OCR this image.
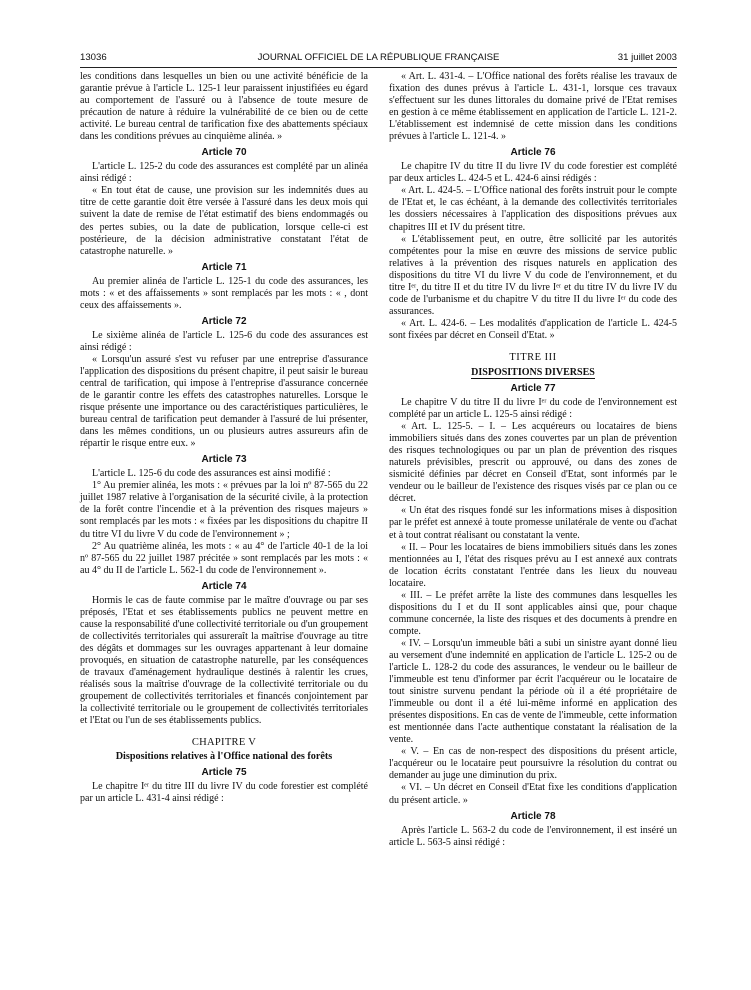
13036	JOURNAL OFFICIEL DE LA RÉPUBLIQUE FRANÇAISE	31 juillet 2003

les conditions dans lesquelles un bien ou une activité bénéficie de la garantie prévue à l'article L. 125-1 leur paraissent injustifiées eu égard au comportement de l'assuré ou à l'absence de toute mesure de précaution de nature à réduire la vulnérabilité de ce bien ou de cette activité. Le bureau central de tarification fixe des abattements spéciaux dans les conditions prévues au cinquième alinéa. »

Article 70

L'article L. 125-2 du code des assurances est complété par un alinéa ainsi rédigé :

« En tout état de cause, une provision sur les indemnités dues au titre de cette garantie doit être versée à l'assuré dans les deux mois qui suivent la date de remise de l'état estimatif des biens endommagés ou des pertes subies, ou la date de publication, lorsque celle-ci est postérieure, de la décision administrative constatant l'état de catastrophe naturelle. »

Article 71

Au premier alinéa de l'article L. 125-1 du code des assurances, les mots : « et des affaissements » sont remplacés par les mots : « , dont ceux des affaissements ».

Article 72

Le sixième alinéa de l'article L. 125-6 du code des assurances est ainsi rédigé :

« Lorsqu'un assuré s'est vu refuser par une entreprise d'assurance l'application des dispositions du présent chapitre, il peut saisir le bureau central de tarification, qui impose à l'entreprise d'assurance concernée de le garantir contre les effets des catastrophes naturelles. Lorsque le risque présente une importance ou des caractéristiques particulières, le bureau central de tarification peut demander à l'assuré de lui présenter, dans les mêmes conditions, un ou plusieurs autres assureurs afin de répartir le risque entre eux. »

Article 73

L'article L. 125-6 du code des assurances est ainsi modifié :

1° Au premier alinéa, les mots : « prévues par la loi nº 87-565 du 22 juillet 1987 relative à l'organisation de la sécurité civile, à la protection de la forêt contre l'incendie et à la prévention des risques majeurs » sont remplacés par les mots : « fixées par les dispositions du chapitre II du titre VI du livre V du code de l'environnement » ;

2° Au quatrième alinéa, les mots : « au 4° de l'article 40-1 de la loi nº 87-565 du 22 juillet 1987 précitée » sont remplacés par les mots : « au 4° du II de l'article L. 562-1 du code de l'environnement ».

Article 74

Hormis le cas de faute commise par le maître d'ouvrage ou par ses préposés, l'Etat et ses établissements publics ne peuvent mettre en cause la responsabilité d'une collectivité territoriale ou d'un groupement de collectivités territoriales qui assureraît la maîtrise d'ouvrage au titre des dégâts et dommages sur les ouvrages appartenant à leur domaine provoqués, en situation de catastrophe naturelle, par les conséquences de travaux d'aménagement hydraulique destinés à ralentir les crues, réalisés sous la maîtrise d'ouvrage de la collectivité territoriale ou du groupement de collectivités territoriales et financés conjointement par la collectivité territoriale ou le groupement de collectivités territoriales et l'Etat ou l'un de ses établissements publics.

CHAPITRE V
Dispositions relatives à l'Office national des forêts
Article 75

Le chapitre Iᵉʳ du titre III du livre IV du code forestier est complété par un article L. 431-4 ainsi rédigé :

« Art. L. 431-4. – L'Office national des forêts réalise les travaux de fixation des dunes prévus à l'article L. 431-1, lorsque ces travaux s'effectuent sur les dunes littorales du domaine privé de l'Etat remises en gestion à ce même établissement en application de l'article L. 121-2. L'établissement est indemnisé de cette mission dans les conditions prévues à l'article L. 121-4. »

Article 76

Le chapitre IV du titre II du livre IV du code forestier est complété par deux articles L. 424-5 et L. 424-6 ainsi rédigés :

« Art. L. 424-5. – L'Office national des forêts instruit pour le compte de l'Etat et, le cas échéant, à la demande des collectivités territoriales les dossiers nécessaires à l'application des dispositions prévues aux chapitres III et IV du présent titre.

« L'établissement peut, en outre, être sollicité par les autorités compétentes pour la mise en œuvre des missions de service public relatives à la prévention des risques naturels en application des dispositions du titre VI du livre V du code de l'environnement, et du titre Iᵉʳ, du titre II et du titre IV du livre Iᵉʳ et du titre IV du livre IV du code de l'urbanisme et du chapitre V du titre II du livre Iᵉʳ du code des assurances.

« Art. L. 424-6. – Les modalités d'application de l'article L. 424-5 sont fixées par décret en Conseil d'Etat. »

TITRE III
DISPOSITIONS DIVERSES
Article 77

Le chapitre V du titre II du livre Iᵉʳ du code de l'environnement est complété par un article L. 125-5 ainsi rédigé :

« Art. L. 125-5. – I. – Les acquéreurs ou locataires de biens immobiliers situés dans des zones couvertes par un plan de prévention des risques technologiques ou par un plan de prévention des risques naturels prévisibles, prescrit ou approuvé, ou dans des zones de sismicité définies par décret en Conseil d'Etat, sont informés par le vendeur ou le bailleur de l'existence des risques visés par ce plan ou ce décret.

« Un état des risques fondé sur les informations mises à disposition par le préfet est annexé à toute promesse unilatérale de vente ou d'achat et à tout contrat réalisant ou constatant la vente.

« II. – Pour les locataires de biens immobiliers situés dans les zones mentionnées au I, l'état des risques prévu au I est annexé aux contrats de location écrits constatant l'entrée dans les lieux du nouveau locataire.

« III. – Le préfet arrête la liste des communes dans lesquelles les dispositions du I et du II sont applicables ainsi que, pour chaque commune concernée, la liste des risques et des documents à prendre en compte.

« IV. – Lorsqu'un immeuble bâti a subi un sinistre ayant donné lieu au versement d'une indemnité en application de l'article L. 125-2 ou de l'article L. 128-2 du code des assurances, le vendeur ou le bailleur de l'immeuble est tenu d'informer par écrit l'acquéreur ou le locataire de tout sinistre survenu pendant la période où il a été propriétaire de l'immeuble ou dont il a été lui-même informé en application des présentes dispositions. En cas de vente de l'immeuble, cette information est mentionnée dans l'acte authentique constatant la réalisation de la vente.

« V. – En cas de non-respect des dispositions du présent article, l'acquéreur ou le locataire peut poursuivre la résolution du contrat ou demander au juge une diminution du prix.

« VI. – Un décret en Conseil d'Etat fixe les conditions d'application du présent article. »

Article 78

Après l'article L. 563-2 du code de l'environnement, il est inséré un article L. 563-5 ainsi rédigé :
